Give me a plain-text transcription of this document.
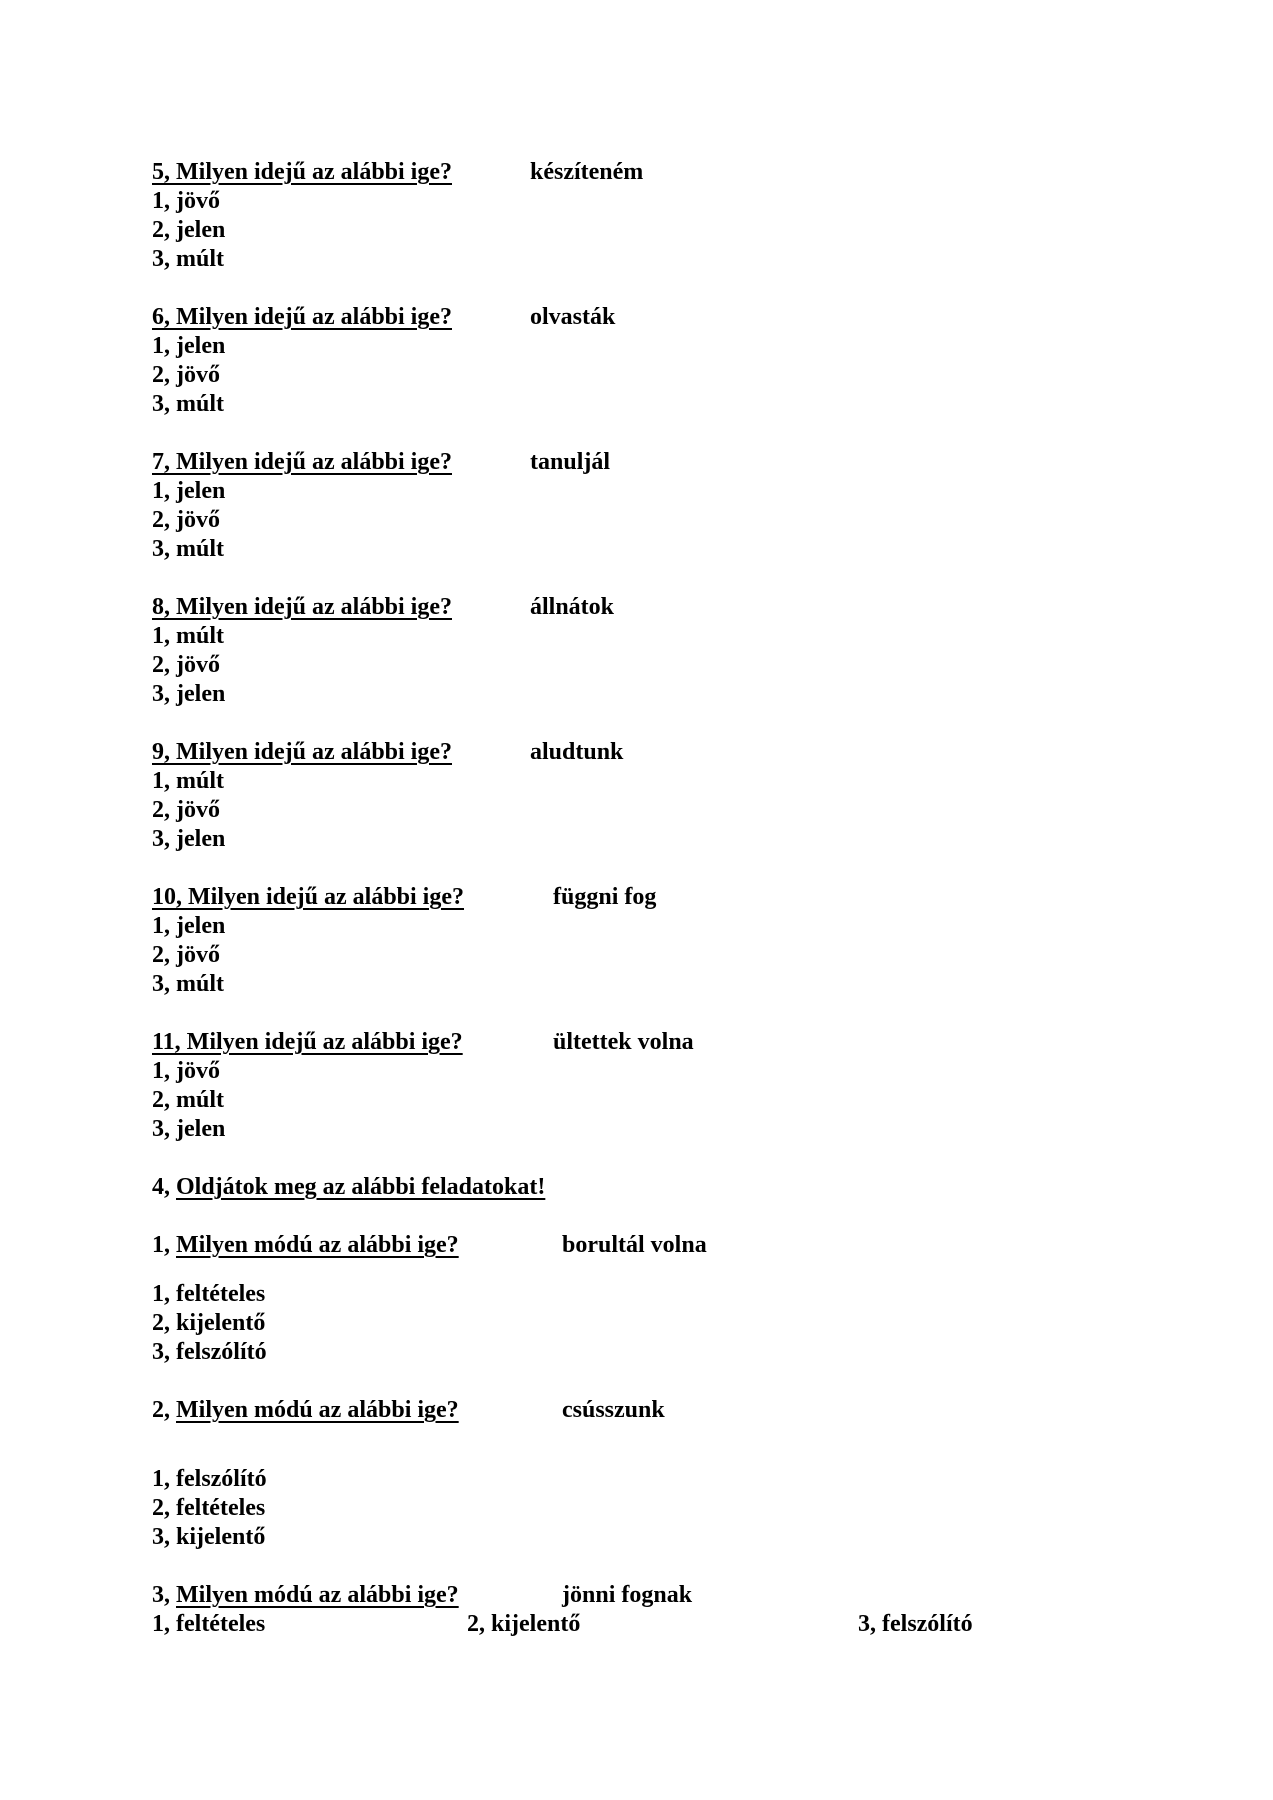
5, Milyen idejű az alábbi ige?	készíteném
1, jövő
2, jelen
3, múlt
6, Milyen idejű az alábbi ige?	olvasták
1, jelen
2, jövő
3, múlt
7, Milyen idejű az alábbi ige?	tanuljál
1, jelen
2, jövő
3, múlt
8, Milyen idejű az alábbi ige?	állnátok
1, múlt
2, jövő
3, jelen
9, Milyen idejű az alábbi ige?	aludtunk
1, múlt
2, jövő
3, jelen
10, Milyen idejű az alábbi ige?	függni fog
1, jelen
2, jövő
3, múlt
11, Milyen idejű az alábbi ige?	ültettek volna
1, jövő
2, múlt
3, jelen
4, Oldjátok meg az alábbi feladatokat!
1, Milyen módú az alábbi ige?	borultál volna
1, feltételes
2, kijelentő
3, felszólító
2, Milyen módú az alábbi ige?	csússzunk
1, felszólító
2, feltételes
3, kijelentő
3, Milyen módú az alábbi ige?	jönni fognak
1, feltételes	2, kijelentő	3, felszólító
